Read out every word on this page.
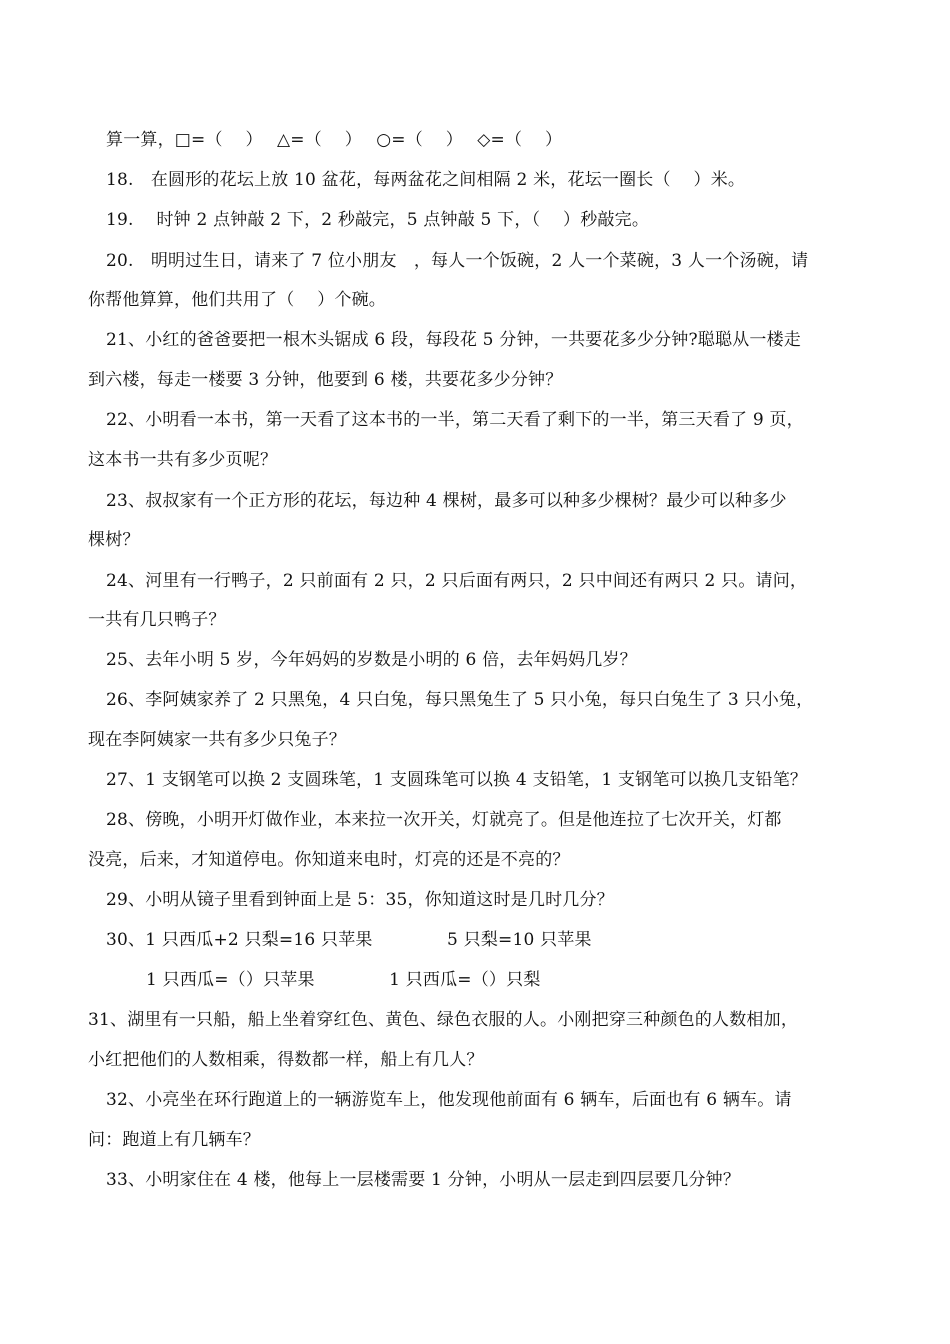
算一算，□=（　 ）　 △=（　 ）　 ○=（　 ）　 ◇=（　 ）
18.　在圆形的花坛上放 10 盆花，每两盆花之间相隔 2 米，花坛一圈长（　 ）米。
19.　 时钟 2 点钟敲 2 下，2 秒敲完，5 点钟敲 5 下，（　 ）秒敲完。
20.　明明过生日，请来了 7 位小朋友　，每人一个饭碗，2 人一个菜碗，3 人一个汤碗，请
你帮他算算，他们共用了（　 ）个碗。
21、小红的爸爸要把一根木头锯成 6 段，每段花 5 分钟，一共要花多少分钟?聪聪从一楼走
到六楼，每走一楼要 3 分钟，他要到 6 楼，共要花多少分钟？
22、小明看一本书，第一天看了这本书的一半，第二天看了剩下的一半，第三天看了 9 页，
这本书一共有多少页呢？
23、叔叔家有一个正方形的花坛，每边种 4 棵树，最多可以种多少棵树？最少可以种多少
棵树？
24、河里有一行鸭子，2 只前面有 2 只，2 只后面有两只，2 只中间还有两只 2 只。请问，
一共有几只鸭子？
25、去年小明 5 岁，今年妈妈的岁数是小明的 6 倍，去年妈妈几岁？
26、李阿姨家养了 2 只黑兔，4 只白兔，每只黑兔生了 5 只小兔，每只白兔生了 3 只小兔，
现在李阿姨家一共有多少只兔子？
27、1 支钢笔可以换 2 支圆珠笔，1 支圆珠笔可以换 4 支铅笔，1 支钢笔可以换几支铅笔？
28、傍晚，小明开灯做作业，本来拉一次开关，灯就亮了。但是他连拉了七次开关，灯都
没亮，后来，才知道停电。你知道来电时，灯亮的还是不亮的？
29、小明从镜子里看到钟面上是 5：35，你知道这时是几时几分？
30、1 只西瓜+2 只梨=16 只苹果　　　　 5 只梨=10 只苹果
1 只西瓜=（）只苹果　　　　 1 只西瓜=（）只梨
31、湖里有一只船，船上坐着穿红色、黄色、绿色衣服的人。小刚把穿三种颜色的人数相加，
小红把他们的人数相乘，得数都一样，船上有几人？
32、小亮坐在环行跑道上的一辆游览车上，他发现他前面有 6 辆车，后面也有 6 辆车。请
问：跑道上有几辆车？
33、小明家住在 4 楼，他每上一层楼需要 1 分钟，小明从一层走到四层要几分钟？
